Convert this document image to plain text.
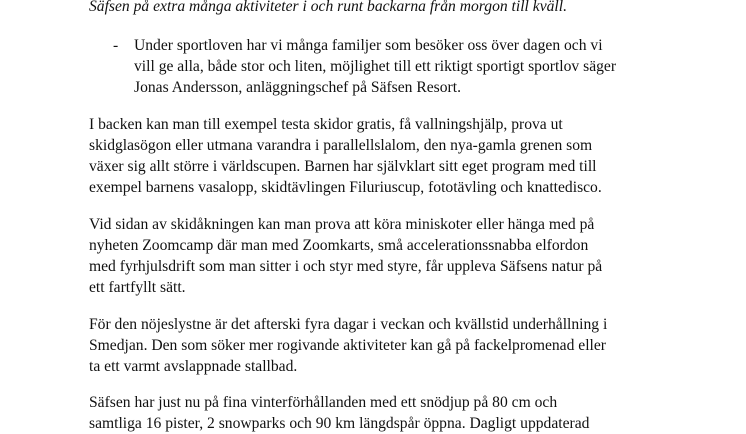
Säfsen på extra många aktiviteter i och runt backarna från morgon till kväll.
- Under sportloven har vi många familjer som besöker oss över dagen och vi
vill ge alla, både stor och liten, möjlighet till ett riktigt sportigt sportlov säger
Jonas Andersson, anläggningschef på Säfsen Resort.
I backen kan man till exempel testa skidor gratis, få vallningshjälp, prova ut
skidglasögon eller utmana varandra i parallellslalom, den nya-gamla grenen som
växer sig allt större i världscupen. Barnen har självklart sitt eget program med till
exempel barnens vasalopp, skidtävlingen Filuriuscup, fototävling och knattedisco.
Vid sidan av skidåkningen kan man prova att köra miniskoter eller hänga med på
nyheten Zoomcamp där man med Zoomkarts, små accelerationssnabba elfordon
med fyrhjulsdrift som man sitter i och styr med styre, får uppleva Säfsens natur på
ett fartfyllt sätt.
För den nöjeslystne är det afterski fyra dagar i veckan och kvällstid underhållning i
Smedjan. Den som söker mer rogivande aktiviteter kan gå på fackelpromenad eller
ta ett varmt avslappnade stallbad.
Säfsen har just nu på fina vinterförhållanden med ett snödjup på 80 cm och
samtliga 16 pister, 2 snowparks och 90 km längdspår öppna. Dagligt uppdaterad
